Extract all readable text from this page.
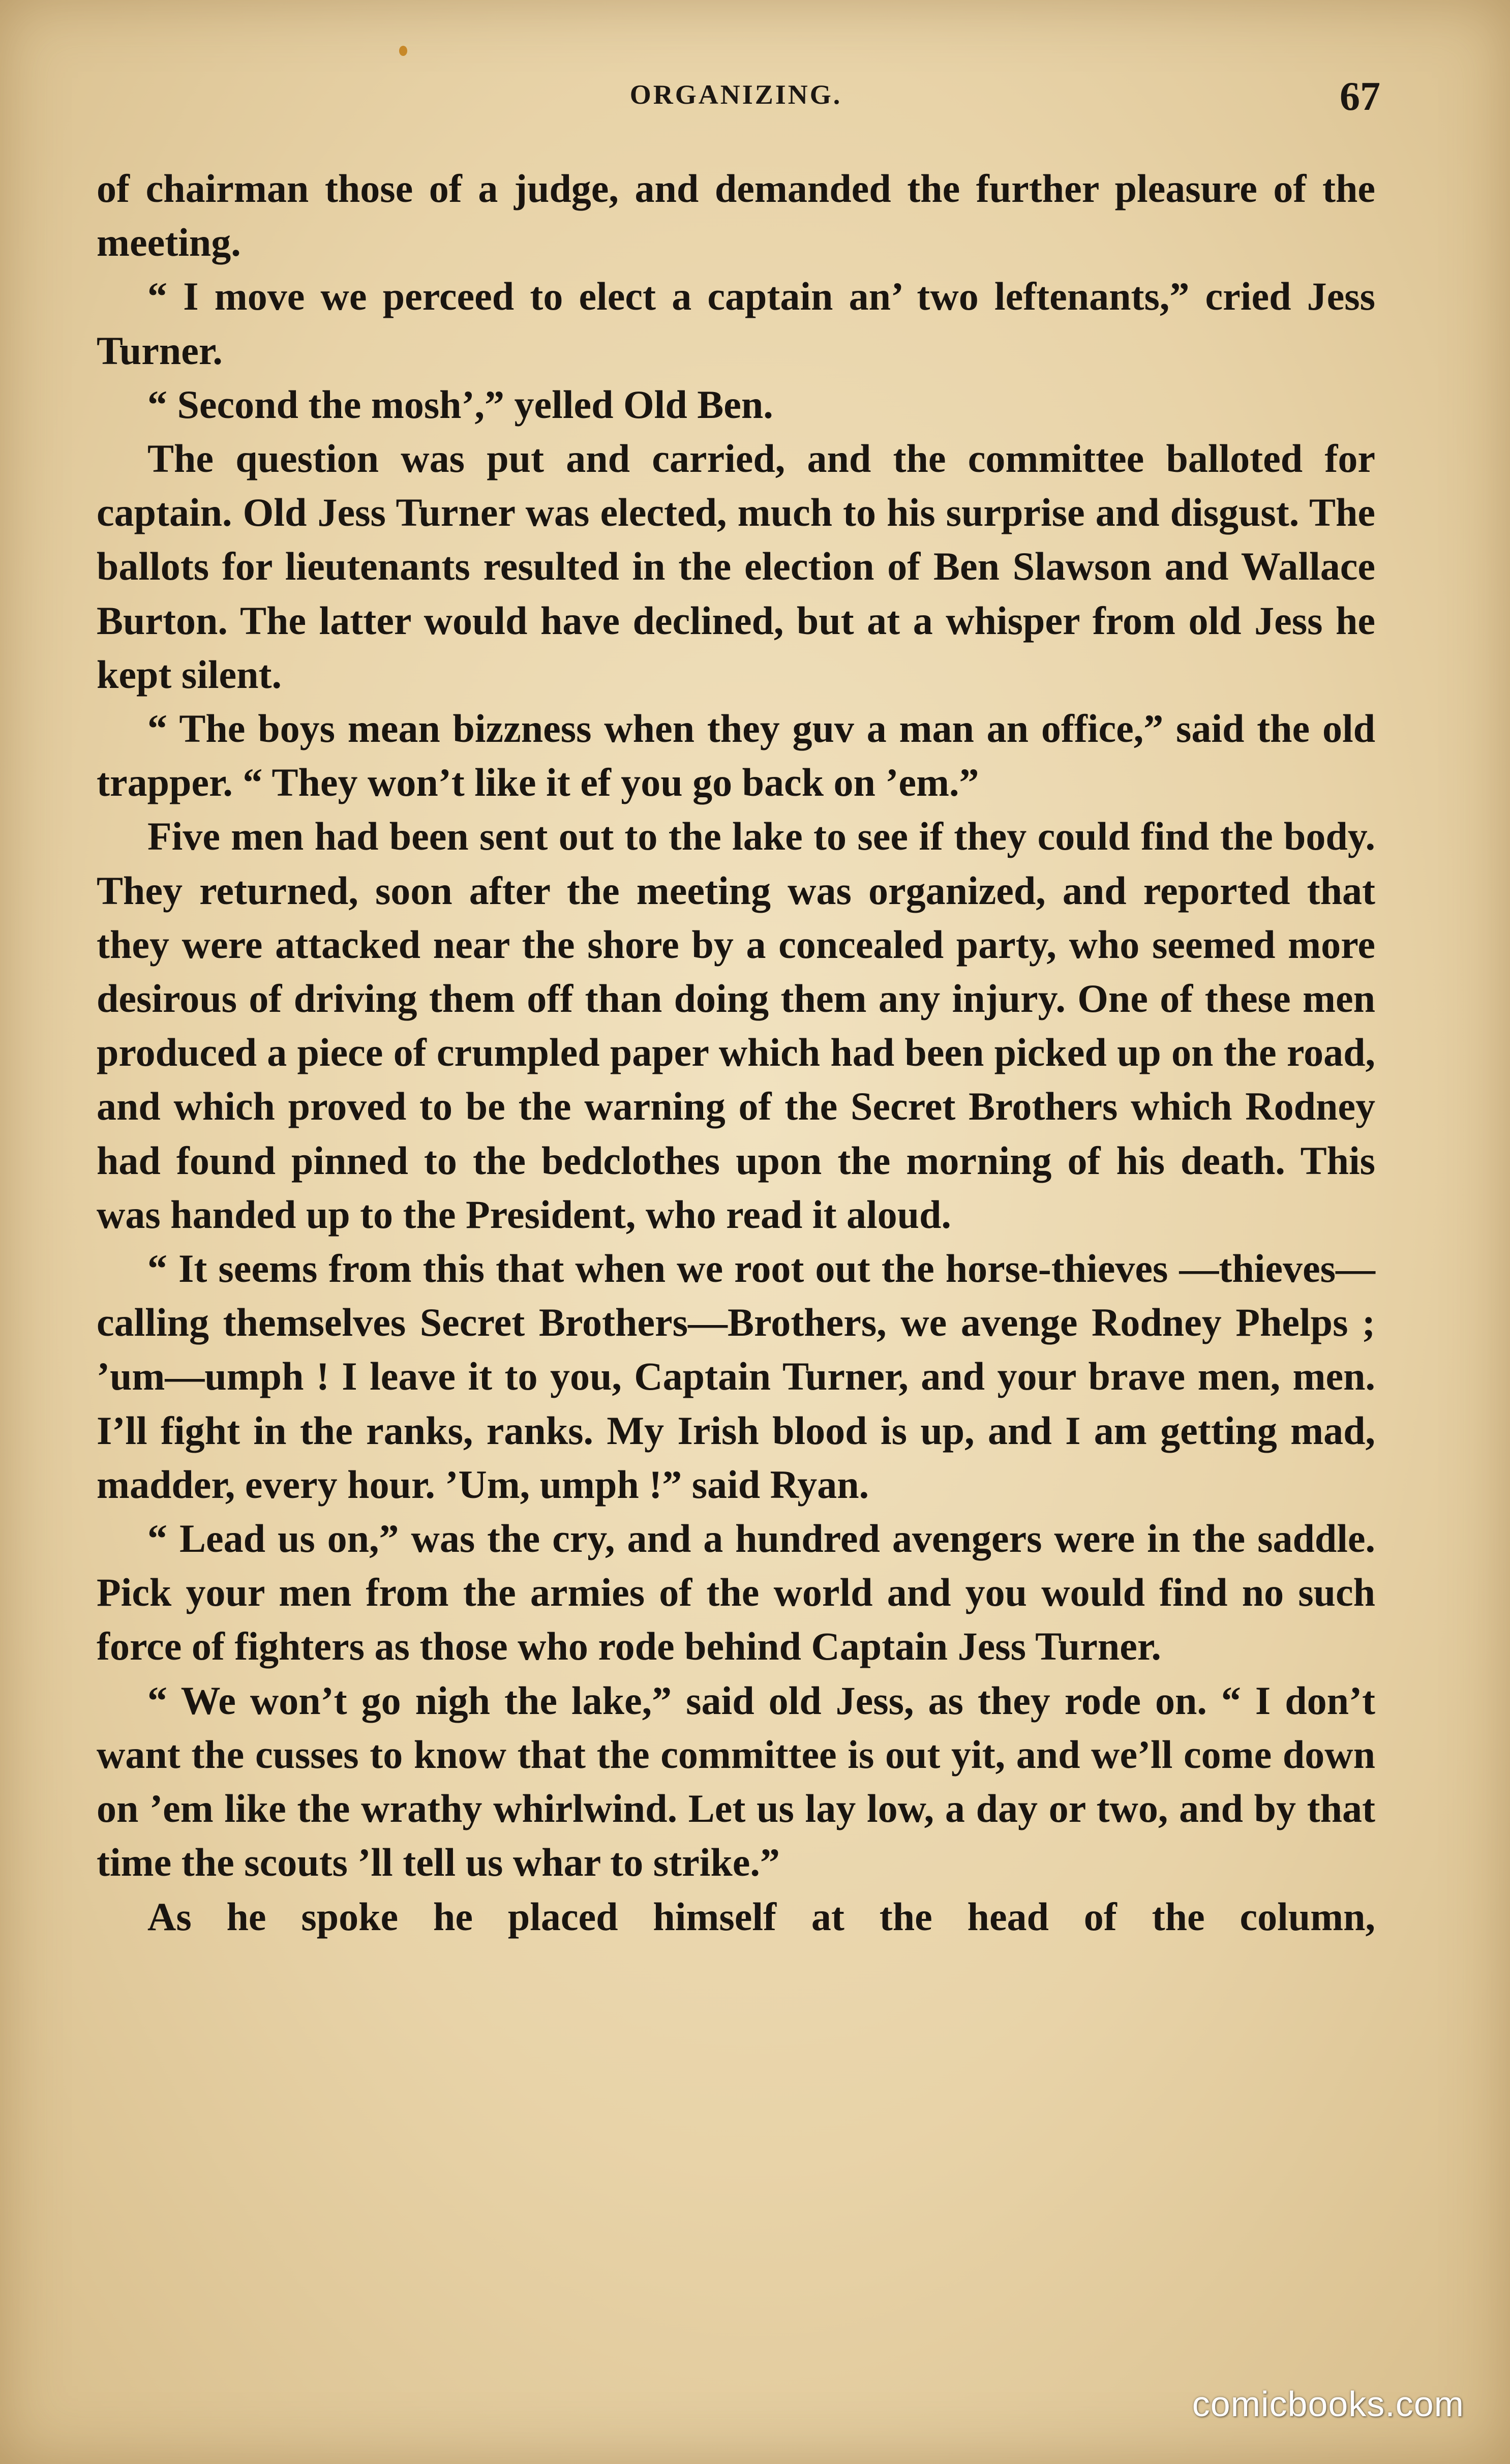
ORGANIZING.	67

of chairman those of a judge, and demanded the further pleasure of the meeting.

“ I move we perceed to elect a captain an’ two leftenants,” cried Jess Turner.

“ Second the mosh’,” yelled Old Ben.

The question was put and carried, and the committee balloted for captain. Old Jess Turner was elected, much to his surprise and disgust. The ballots for lieutenants resulted in the election of Ben Slawson and Wallace Burton. The latter would have declined, but at a whisper from old Jess he kept silent.

“ The boys mean bizzness when they guv a man an office,” said the old trapper. “ They won’t like it ef you go back on ’em.”

Five men had been sent out to the lake to see if they could find the body. They returned, soon after the meeting was organized, and reported that they were attacked near the shore by a concealed party, who seemed more desirous of driving them off than doing them any injury. One of these men produced a piece of crumpled paper which had been picked up on the road, and which proved to be the warning of the Secret Brothers which Rodney had found pinned to the bedclothes upon the morning of his death. This was handed up to the President, who read it aloud.

“ It seems from this that when we root out the horse-thieves —thieves—calling themselves Secret Brothers—Brothers, we avenge Rodney Phelps ; ’um—umph ! I leave it to you, Captain Turner, and your brave men, men. I’ll fight in the ranks, ranks. My Irish blood is up, and I am getting mad, madder, every hour. ’Um, umph !” said Ryan.

“ Lead us on,” was the cry, and a hundred avengers were in the saddle. Pick your men from the armies of the world and you would find no such force of fighters as those who rode behind Captain Jess Turner.

“ We won’t go nigh the lake,” said old Jess, as they rode on. “ I don’t want the cusses to know that the committee is out yit, and we’ll come down on ’em like the wrathy whirlwind. Let us lay low, a day or two, and by that time the scouts ’ll tell us whar to strike.”

As he spoke he placed himself at the head of the column,

comicbooks.com
